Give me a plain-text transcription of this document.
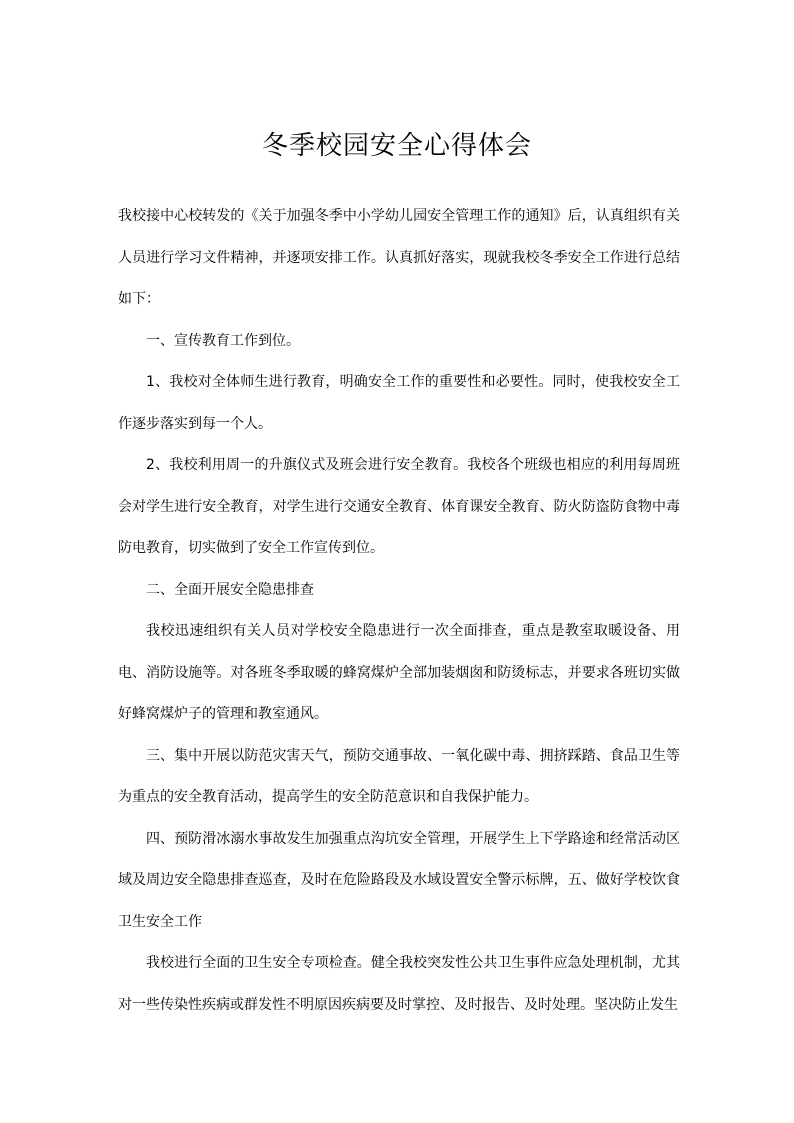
冬季校园安全心得体会

我校接中心校转发的《关于加强冬季中小学幼儿园安全管理工作的通知》后，认真组织有关人员进行学习文件精神，并逐项安排工作。认真抓好落实，现就我校冬季安全工作进行总结如下：

一、宣传教育工作到位。

1、我校对全体师生进行教育，明确安全工作的重要性和必要性。同时，使我校安全工作逐步落实到每一个人。

2、我校利用周一的升旗仪式及班会进行安全教育。我校各个班级也相应的利用每周班会对学生进行安全教育，对学生进行交通安全教育、体育课安全教育、防火防盗防食物中毒防电教育，切实做到了安全工作宣传到位。

二、全面开展安全隐患排查

我校迅速组织有关人员对学校安全隐患进行一次全面排查，重点是教室取暖设备、用电、消防设施等。对各班冬季取暖的蜂窝煤炉全部加装烟囱和防烫标志，并要求各班切实做好蜂窝煤炉子的管理和教室通风。

三、集中开展以防范灾害天气，预防交通事故、一氧化碳中毒、拥挤踩踏、食品卫生等为重点的安全教育活动，提高学生的安全防范意识和自我保护能力。

四、预防滑冰溺水事故发生加强重点沟坑安全管理，开展学生上下学路途和经常活动区域及周边安全隐患排查巡查，及时在危险路段及水域设置安全警示标牌，五、做好学校饮食卫生安全工作

我校进行全面的卫生安全专项检查。健全我校突发性公共卫生事件应急处理机制，尤其对一些传染性疾病或群发性不明原因疾病要及时掌控、及时报告、及时处理。坚决防止发生
